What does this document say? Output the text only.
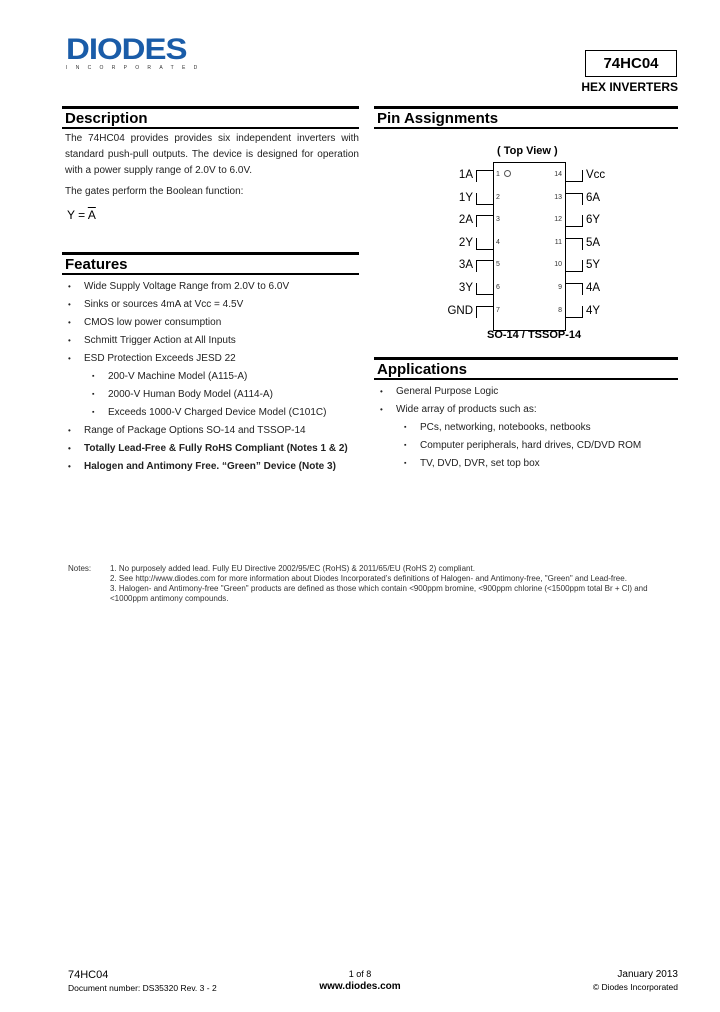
DIODES
INCORPORATED	74HC04
HEX INVERTERS
Description
The 74HC04 provides provides six independent inverters with standard push-pull outputs. The device is designed for operation with a power supply range of 2.0V to 6.0V.
The gates perform the Boolean function:
$Y = \overline{A}$
Features
• Wide Supply Voltage Range from 2.0V to 6.0V
• Sinks or sources 4mA at Vcc = 4.5V
• CMOS low power consumption
• Schmitt Trigger Action at All Inputs
• ESD Protection Exceeds JESD 22
▪ 200-V Machine Model (A115-A)
▪ 2000-V Human Body Model (A114-A)
▪ Exceeds 1000-V Charged Device Model (C101C)
• Range of Package Options SO-14 and TSSOP-14
• Totally Lead-Free & Fully RoHS Compliant (Notes 1 & 2)
• Halogen and Antimony Free. “Green” Device (Note 3)
Pin Assignments
( Top View )
1A	1	14 Vcc
1Y	2	13 6A
2A	3	12 6Y
2Y	4	11 5A
3A	5	10 5Y
3Y	6	9 4A
GND	7	8 4Y
SO-14 / TSSOP-14
Applications
• General Purpose Logic
• Wide array of products such as:
▪ PCs, networking, notebooks, netbooks
▪ Computer peripherals, hard drives, CD/DVD ROM
▪ TV, DVD, DVR, set top box
Notes: 1. No purposely added lead. Fully EU Directive 2002/95/EC (RoHS) & 2011/65/EU (RoHS 2) compliant.
2. See http://www.diodes.com for more information about Diodes Incorporated’s definitions of Halogen- and Antimony-free, "Green" and Lead-free.
3. Halogen- and Antimony-free "Green" products are defined as those which contain <900ppm bromine, <900ppm chlorine (<1500ppm total Br + Cl) and <1000ppm antimony compounds.
74HC04
Document number: DS35320 Rev. 3 - 2
1 of 8
www.diodes.com
January 2013
© Diodes Incorporated
